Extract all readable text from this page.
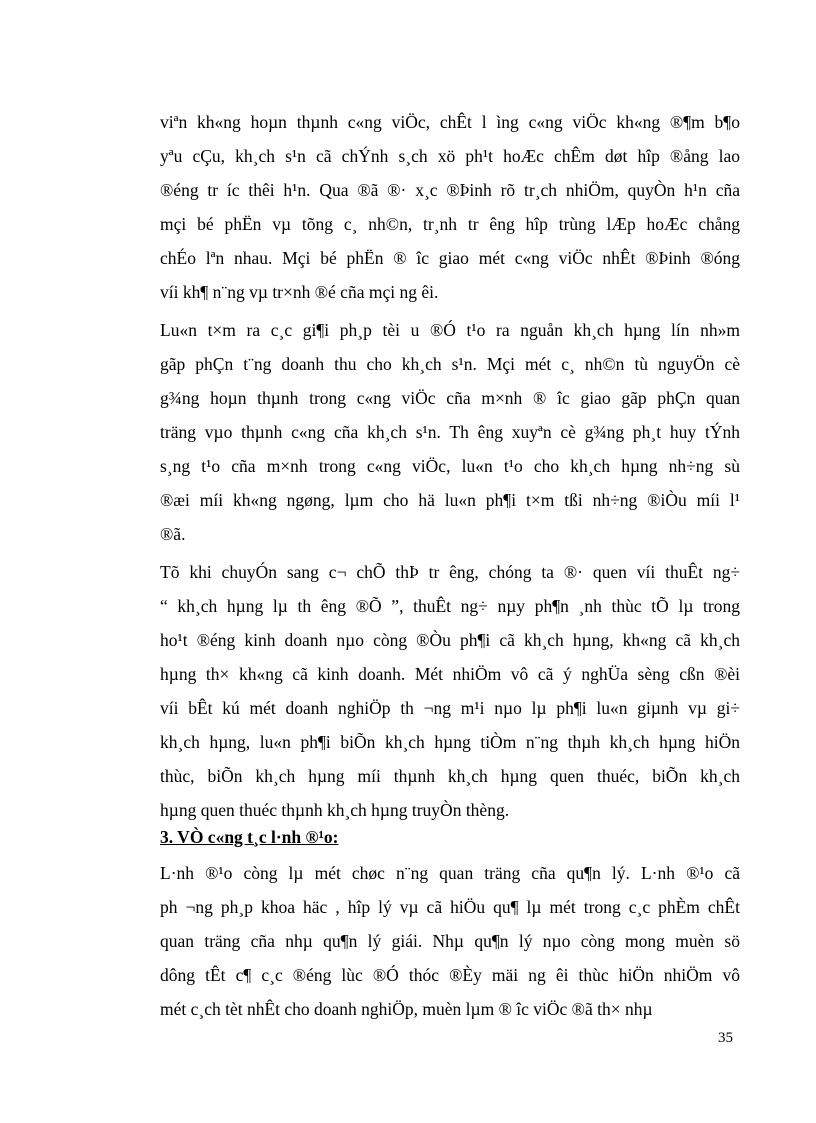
viªn kh«ng hoµn thµnh c«ng viÖc, chÊt l ìng c«ng viÖc kh«ng ®¶m b¶o
yªu cÇu, kh¸ch s¹n cã chÝnh s¸ch xö ph¹t hoÆc chÊm døt hîp ®ång lao
®éng tr íc thêi h¹n. Qua ®ã ®· x¸c ®Þinh rõ tr¸ch nhiÖm, quyÒn h¹n cña
mçi bé phËn vµ tõng c¸ nh©n, tr¸nh tr êng hîp trùng lÆp hoÆc chång
chÉo lªn nhau. Mçi bé phËn ® îc giao mét c«ng viÖc nhÊt ®Þinh ®óng
víi kh¶ n¨ng vµ tr×nh ®é cña mçi ng êi.
Lu«n t×m ra c¸c gi¶i ph¸p tèi u ®Ó t¹o ra nguån kh¸ch hµng lín nh»m
gãp phÇn t¨ng doanh thu cho kh¸ch s¹n. Mçi mét c¸ nh©n tù nguyÖn cè
g¾ng hoµn thµnh trong c«ng viÖc cña m×nh ® îc giao gãp phÇn quan
träng vµo thµnh c«ng cña kh¸ch s¹n. Th êng xuyªn cè g¾ng ph¸t huy tÝnh
s¸ng t¹o cña m×nh trong c«ng viÖc, lu«n t¹o cho kh¸ch hµng nh÷ng sù
®æi míi kh«ng ngøng, lµm cho hä lu«n ph¶i t×m tßi nh÷ng ®iÒu míi l¹
®ã.
Tõ khi chuyÓn sang c¬ chÕ thÞ tr êng, chóng ta ®· quen víi thuÊt ng÷
“ kh¸ch hµng lµ th êng ®Õ ”, thuÊt ng÷ nµy ph¶n ¸nh thùc tÕ lµ trong
ho¹t ®éng kinh doanh nµo còng ®Òu ph¶i cã kh¸ch hµng, kh«ng cã kh¸ch
hµng th× kh«ng cã kinh doanh. Mét nhiÖm vô cã ý nghÜa sèng cßn ®èi
víi bÊt kú mét doanh nghiÖp th ¬ng m¹i nµo lµ ph¶i lu«n giµnh vµ gi÷
kh¸ch hµng, lu«n ph¶i biÕn kh¸ch hµng tiÒm n¨ng thµh kh¸ch hµng hiÖn
thùc, biÕn kh¸ch hµng míi thµnh kh¸ch hµng quen thuéc, biÕn kh¸ch
hµng quen thuéc thµnh kh¸ch hµng truyÒn thèng.
3. VÒ c«ng t¸c l·nh ®¹o:
L·nh ®¹o còng lµ mét chøc n¨ng quan träng cña qu¶n lý. L·nh ®¹o cã
ph ¬ng ph¸p khoa häc , hîp lý vµ cã hiÖu qu¶ lµ mét trong c¸c phÈm chÊt
quan träng cña nhµ qu¶n lý giái. Nhµ qu¶n lý nµo còng mong muèn sö
dông tÊt c¶ c¸c ®éng lùc ®Ó thóc ®Èy mäi ng êi thùc hiÖn nhiÖm vô
mét c¸ch tèt nhÊt cho doanh nghiÖp, muèn lµm ® îc viÖc ®ã th× nhµ
35
